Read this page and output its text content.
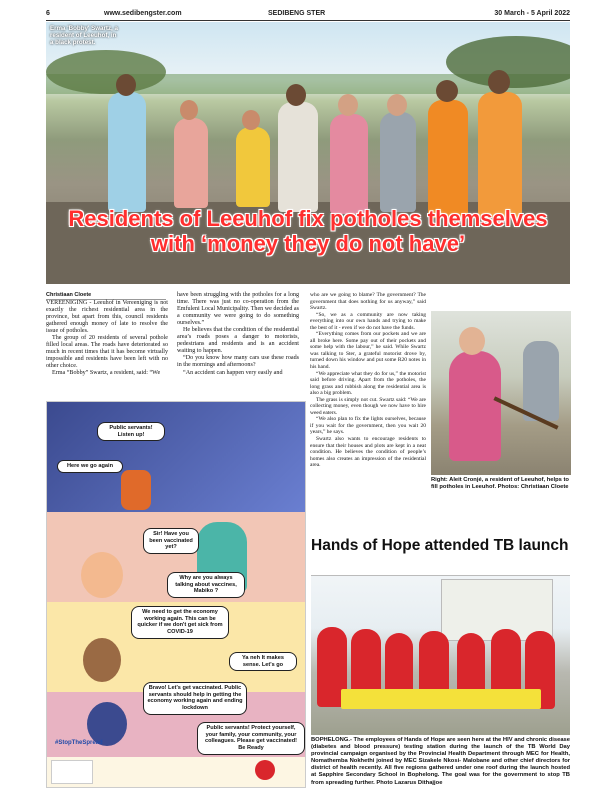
6	www.sedibengster.com	SEDIBENG STER	30 March - 5 April 2022
Erma 'Bobby' Swartz, a resident of Leeuhof, in a black protest.
Residents of Leeuhof fix potholes themselves with ‘money they do not have’
Christiaan Cloete

VEREENIGING - Leeuhof in Vereeniging is not exactly the richest residential area in the province, but apart from this, council residents gathered enough money of late to resolve the issue of potholes.

The group of 20 residents of several pothole filled local areas. The roads have deteriorated so much in recent times that it has become virtually impossible and residents have been left with no other choice.

Erma “Bobby” Swartz, a resident, said: “We

have been struggling with the potholes for a long time. There was just no co-operation from the Emfuleni Local Municipality. Then we decided as a community we were going to do something ourselves.”

He believes that the condition of the residential area’s roads poses a danger to motorists, pedestrians and residents and is an accident waiting to happen.

“Do you know how many cars use these roads in the mornings and afternoons?

“An accident can happen very easily and

who are we going to blame? The government? The government that does nothing for us anyway,” said Swartz.

“So, we as a community are now taking everything into our own hands and trying to make the best of it - even if we do not have the funds.

“Everything comes from our pockets and we are all broke here. Some pay out of their pockets and some help with the labour,” he said. While Swartz was talking to Ster, a grateful motorist drove by, turned down his window and put some R20 notes in his hand.

“We appreciate what they do for us,” the motorist said before driving. Apart from the potholes, the long grass and rubbish along the residential area is also a big problem.

The grass is simply not cut. Swartz said: “We are collecting money, even though we now have to hire weed eaters.

“We also plan to fix the lights ourselves, because if you wait for the government, then you wait 20 years,” he says.

Swartz also wants to encourage residents to ensure that their houses and plots are kept in a neat condition. He believes the condition of people’s homes also creates an impression of the residential area.

Right: Aleit Cronjé, a resident of Leeuhof, helps to fill potholes in Leeuhof. Photos: Christiaan Cloete
Public servants! Listen up!
Here we go again
Sir! Have you been vaccinated yet?
Why are you always talking about vaccines, Mabiko ?
We need to get the economy working again. This can be quicker if we don't get sick from COVID-19
Ya neh It makes sense. Let's go
Bravo! Let's get vaccinated. Public servants should help in getting the economy working again and ending lockdown
Public servants! Protect yourself, your family, your community, your colleagues. Please get vaccinated! Be Ready
#StopTheSpread
Hands of Hope attended TB launch
BOPHELONG.- The employees of Hands of Hope are seen here at the HIV and chronic disease (diabetes and blood pressure) testing station during the launch of the TB World Day provincial campaign organised by the Provincial Health Department through MEC for Health, Nomathemba Nokhethi joined by MEC Sizakele Nkosi- Malobane and other chief directors for district of health recently. All five regions gathered under one roof during the launch hosted at Sapphire Secondary School in Bophelong. The goal was for the government to stop TB from spreading further. Photo Lazarus Dithajjoe
